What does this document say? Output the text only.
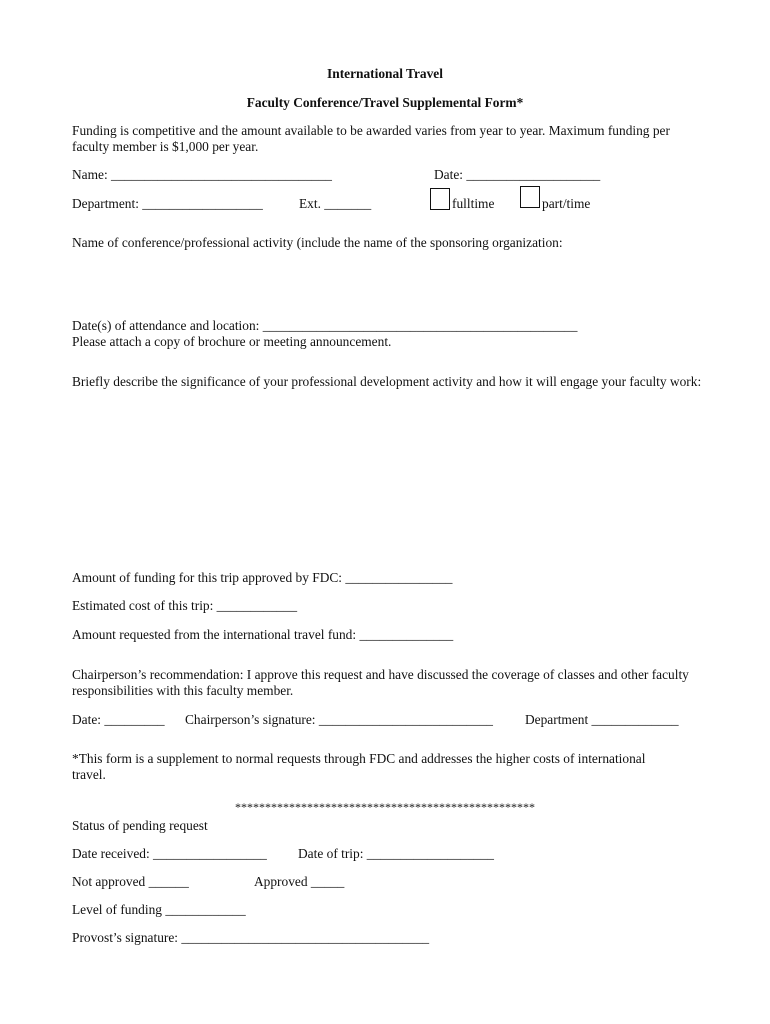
International Travel
Faculty Conference/Travel Supplemental Form*
Funding is competitive and the amount available to be awarded varies from year to year. Maximum funding per faculty member is $1,000 per year.
Name: _________________________________	Date: ____________________
Department: __________________	Ext. _______	fulltime	part/time
Name of conference/professional activity (include the name of the sponsoring organization:
Date(s) of attendance and location: _______________________________________________
Please attach a copy of brochure or meeting announcement.
Briefly describe the significance of your professional development activity and how it will engage your faculty work:
Amount of funding for this trip approved by FDC: ________________
Estimated cost of this trip: ____________
Amount requested from the international travel fund: ______________
Chairperson’s recommendation: I approve this request and have discussed the coverage of classes and other faculty responsibilities with this faculty member.
Date: _________ Chairperson’s signature: __________________________ Department _____________
*This form is a supplement to normal requests through FDC and addresses the higher costs of international travel.
**************************************************
Status of pending request
Date received: _________________ Date of trip: ___________________
Not approved ______	Approved _____
Level of funding ____________
Provost’s signature: _____________________________________
